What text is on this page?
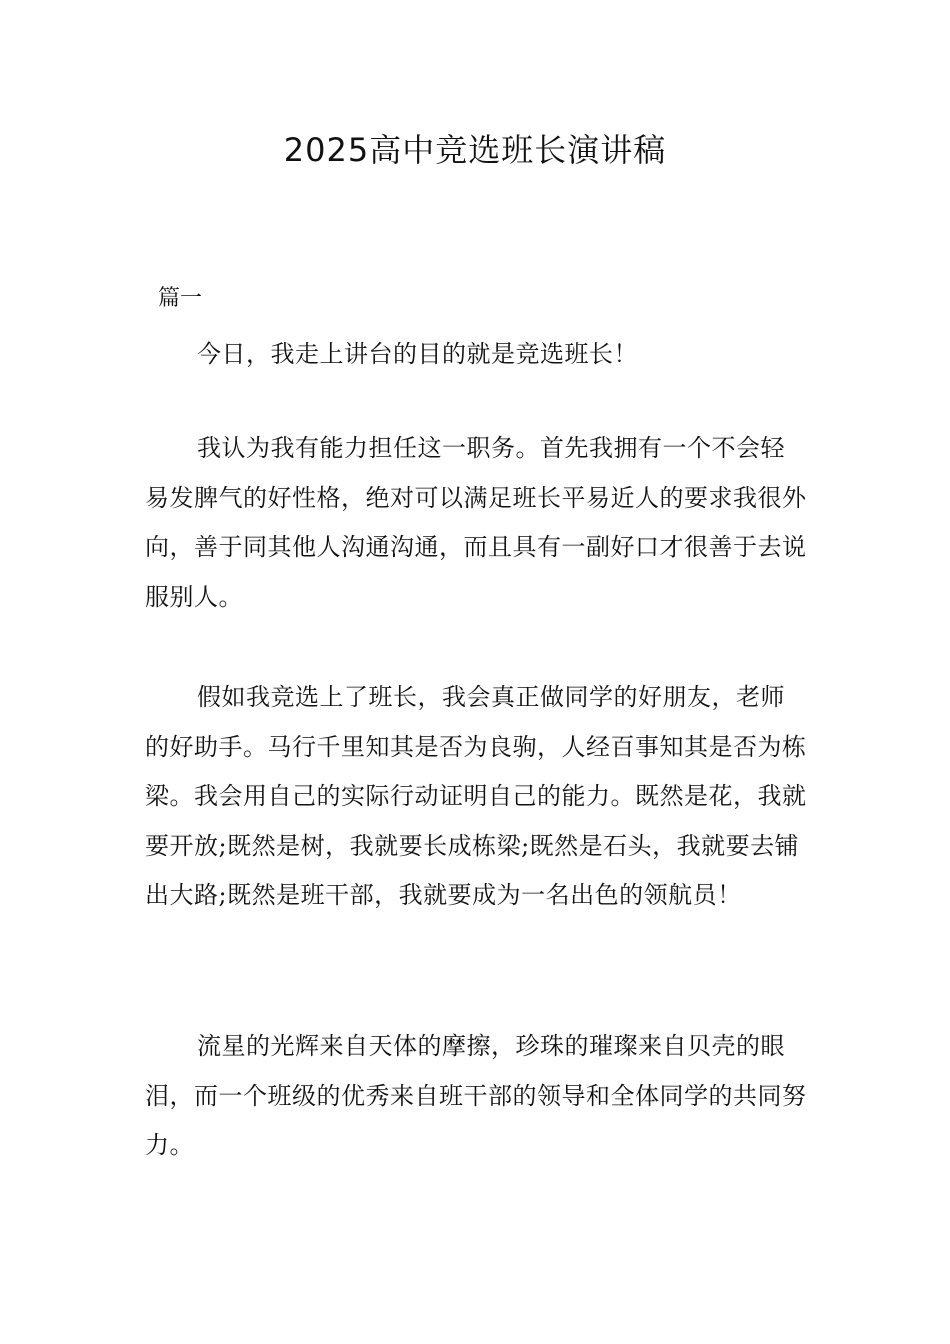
2025高中竞选班长演讲稿
篇一

今日，我走上讲台的目的就是竞选班长！

我认为我有能力担任这一职务。首先我拥有一个不会轻易发脾气的好性格，绝对可以满足班长平易近人的要求我很外向，善于同其他人沟通沟通，而且具有一副好口才很善于去说服别人。

假如我竞选上了班长，我会真正做同学的好朋友，老师的好助手。马行千里知其是否为良驹，人经百事知其是否为栋梁。我会用自己的实际行动证明自己的能力。既然是花，我就要开放;既然是树，我就要长成栋梁;既然是石头，我就要去铺出大路;既然是班干部，我就要成为一名出色的领航员！

流星的光辉来自天体的摩擦，珍珠的璀璨来自贝壳的眼泪，而一个班级的优秀来自班干部的领导和全体同学的共同努力。
